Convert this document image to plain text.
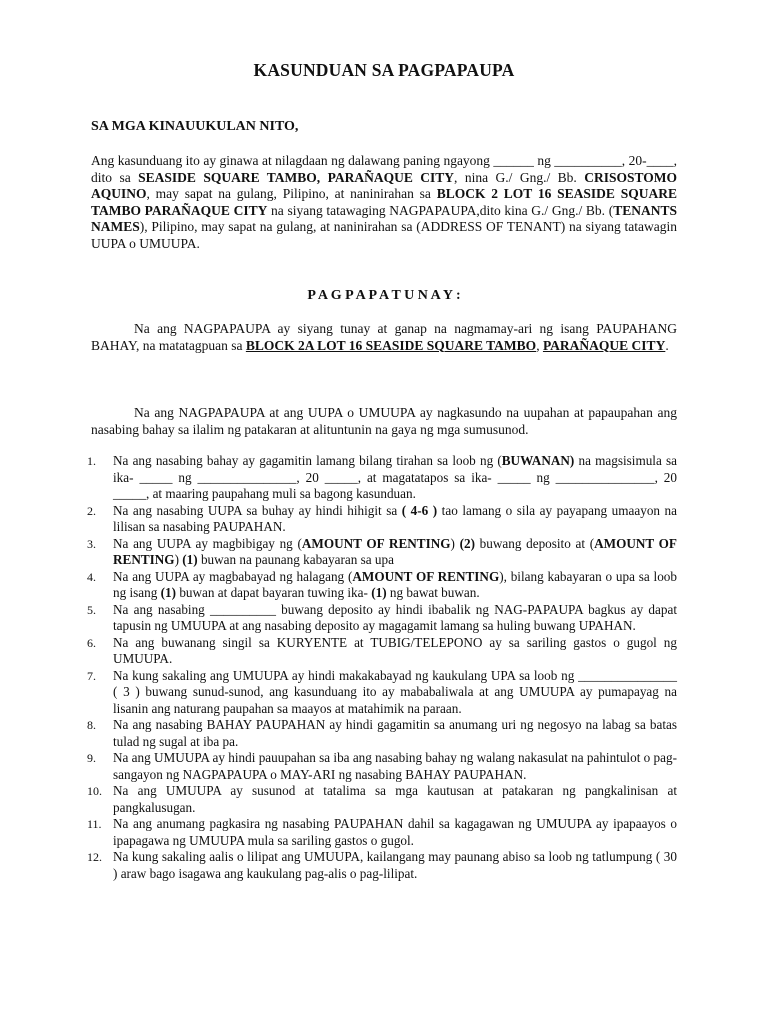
KASUNDUAN SA PAGPAPAUPA
SA MGA KINAUUKULAN NITO,

Ang kasunduang ito ay ginawa at nilagdaan ng dalawang paning ngayong ______ ng __________, 20-____, dito sa SEASIDE SQUARE TAMBO, PARAÑAQUE CITY, nina G./ Gng./ Bb. CRISOSTOMO AQUINO, may sapat na gulang, Pilipino, at naninirahan sa BLOCK 2 LOT 16 SEASIDE SQUARE TAMBO PARAÑAQUE CITY na siyang tatawaging NAGPAPAUPA,dito kina G./ Gng./ Bb. (TENANTS NAMES), Pilipino, may sapat na gulang, at naninirahan sa (ADDRESS OF TENANT) na siyang tatawagin UUPA o UMUUPA.

P A G P A P A T U N A Y :

Na ang NAGPAPAUPA ay siyang tunay at ganap na nagmamay-ari ng isang PAUPAHANG BAHAY, na matatagpuan sa BLOCK 2A LOT 16 SEASIDE SQUARE TAMBO, PARAÑAQUE CITY.

Na ang NAGPAPAUPA at ang UUPA o UMUUPA ay nagkasundo na uupahan at papaupahan ang nasabing bahay sa ilalim ng patakaran at alituntunin na gaya ng mga sumusunod.

1.	Na ang nasabing bahay ay gagamitin lamang bilang tirahan sa loob ng (BUWANAN) na magsisimula sa ika- _____ ng _______________, 20 _____, at magatatapos sa ika- _____ ng _______________, 20 _____, at maaring paupahang muli sa bagong kasunduan.
2.	Na ang nasabing UUPA sa buhay ay hindi hihigit sa ( 4-6 ) tao lamang o sila ay payapang umaayon na lilisan sa nasabing PAUPAHAN.
3.	Na ang UUPA ay magbibigay ng (AMOUNT OF RENTING) (2) buwang deposito at (AMOUNT OF RENTING) (1) buwan na paunang kabayaran sa upa
4.	Na ang UUPA ay magbabayad ng halagang (AMOUNT OF RENTING), bilang kabayaran o upa sa loob ng isang (1) buwan at dapat bayaran tuwing ika- (1) ng bawat buwan.
5.	Na ang nasabing __________ buwang deposito ay hindi ibabalik ng NAG-PAPAUPA bagkus ay dapat tapusin ng UMUUPA at ang nasabing deposito ay magagamit lamang sa huling buwang UPAHAN.
6.	Na ang buwanang singil sa KURYENTE at TUBIG/TELEPONO ay sa sariling gastos o gugol ng UMUUPA.
7.	Na kung sakaling ang UMUUPA ay hindi makakabayad ng kaukulang UPA sa loob ng _______________ ( 3 ) buwang sunud-sunod, ang kasunduang ito ay mababaliwala at ang UMUUPA ay pumapayag na lisanin ang naturang paupahan sa maayos at matahimik na paraan.
8.	Na ang nasabing BAHAY PAUPAHAN ay hindi gagamitin sa anumang uri ng negosyo na labag sa batas tulad ng sugal at iba pa.
9.	Na ang UMUUPA ay hindi pauupahan sa iba ang nasabing bahay ng walang nakasulat na pahintulot o pag-sangayon ng NAGPAPAUPA o MAY-ARI ng nasabing BAHAY PAUPAHAN.
10. Na ang UMUUPA ay susunod at tatalima sa mga kautusan at patakaran ng pangkalinisan at pangkalusugan.
11. Na ang anumang pagkasira ng nasabing PAUPAHAN dahil sa kagagawan ng UMUUPA ay ipapaayos o ipapagawa ng UMUUPA mula sa sariling gastos o gugol.
12. Na kung sakaling aalis o lilipat ang UMUUPA, kailangang may paunang abiso sa loob ng tatlumpung ( 30 ) araw bago isagawa ang kaukulang pag-alis o pag-lilipat.
